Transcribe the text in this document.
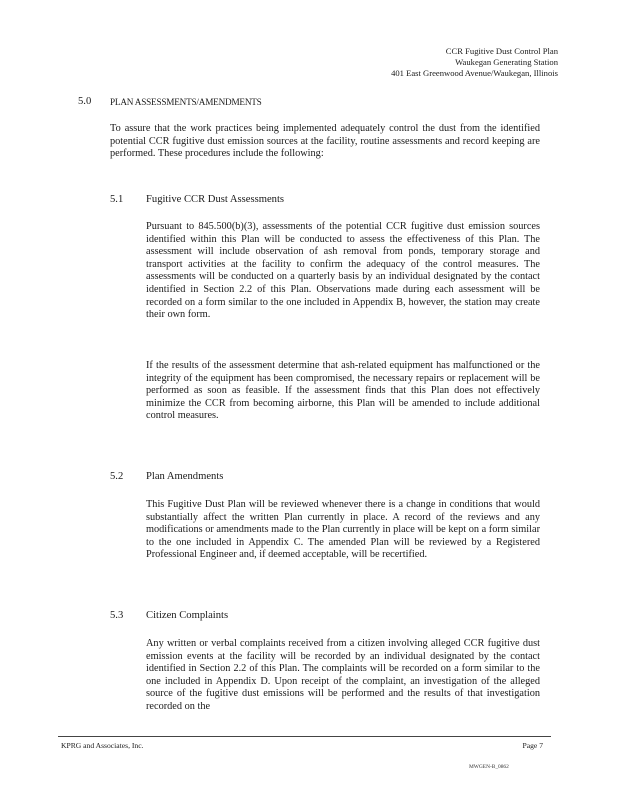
CCR Fugitive Dust Control Plan
Waukegan Generating Station
401 East Greenwood Avenue/Waukegan, Illinois
5.0 PLAN ASSESSMENTS/AMENDMENTS

To assure that the work practices being implemented adequately control the dust from the identified potential CCR fugitive dust emission sources at the facility, routine assessments and record keeping are performed. These procedures include the following:

5.1 Fugitive CCR Dust Assessments

Pursuant to 845.500(b)(3), assessments of the potential CCR fugitive dust emission sources identified within this Plan will be conducted to assess the effectiveness of this Plan. The assessment will include observation of ash removal from ponds, temporary storage and transport activities at the facility to confirm the adequacy of the control measures. The assessments will be conducted on a quarterly basis by an individual designated by the contact identified in Section 2.2 of this Plan. Observations made during each assessment will be recorded on a form similar to the one included in Appendix B, however, the station may create their own form.

If the results of the assessment determine that ash-related equipment has malfunctioned or the integrity of the equipment has been compromised, the necessary repairs or replacement will be performed as soon as feasible. If the assessment finds that this Plan does not effectively minimize the CCR from becoming airborne, this Plan will be amended to include additional control measures.

5.2 Plan Amendments

This Fugitive Dust Plan will be reviewed whenever there is a change in conditions that would substantially affect the written Plan currently in place. A record of the reviews and any modifications or amendments made to the Plan currently in place will be kept on a form similar to the one included in Appendix C. The amended Plan will be reviewed by a Registered Professional Engineer and, if deemed acceptable, will be recertified.

5.3 Citizen Complaints

Any written or verbal complaints received from a citizen involving alleged CCR fugitive dust emission events at the facility will be recorded by an individual designated by the contact identified in Section 2.2 of this Plan. The complaints will be recorded on a form similar to the one included in Appendix D. Upon receipt of the complaint, an investigation of the alleged source of the fugitive dust emissions will be performed and the results of that investigation recorded on the

KPRG and Associates, Inc.	Page 7
MWGEN-B_0862
